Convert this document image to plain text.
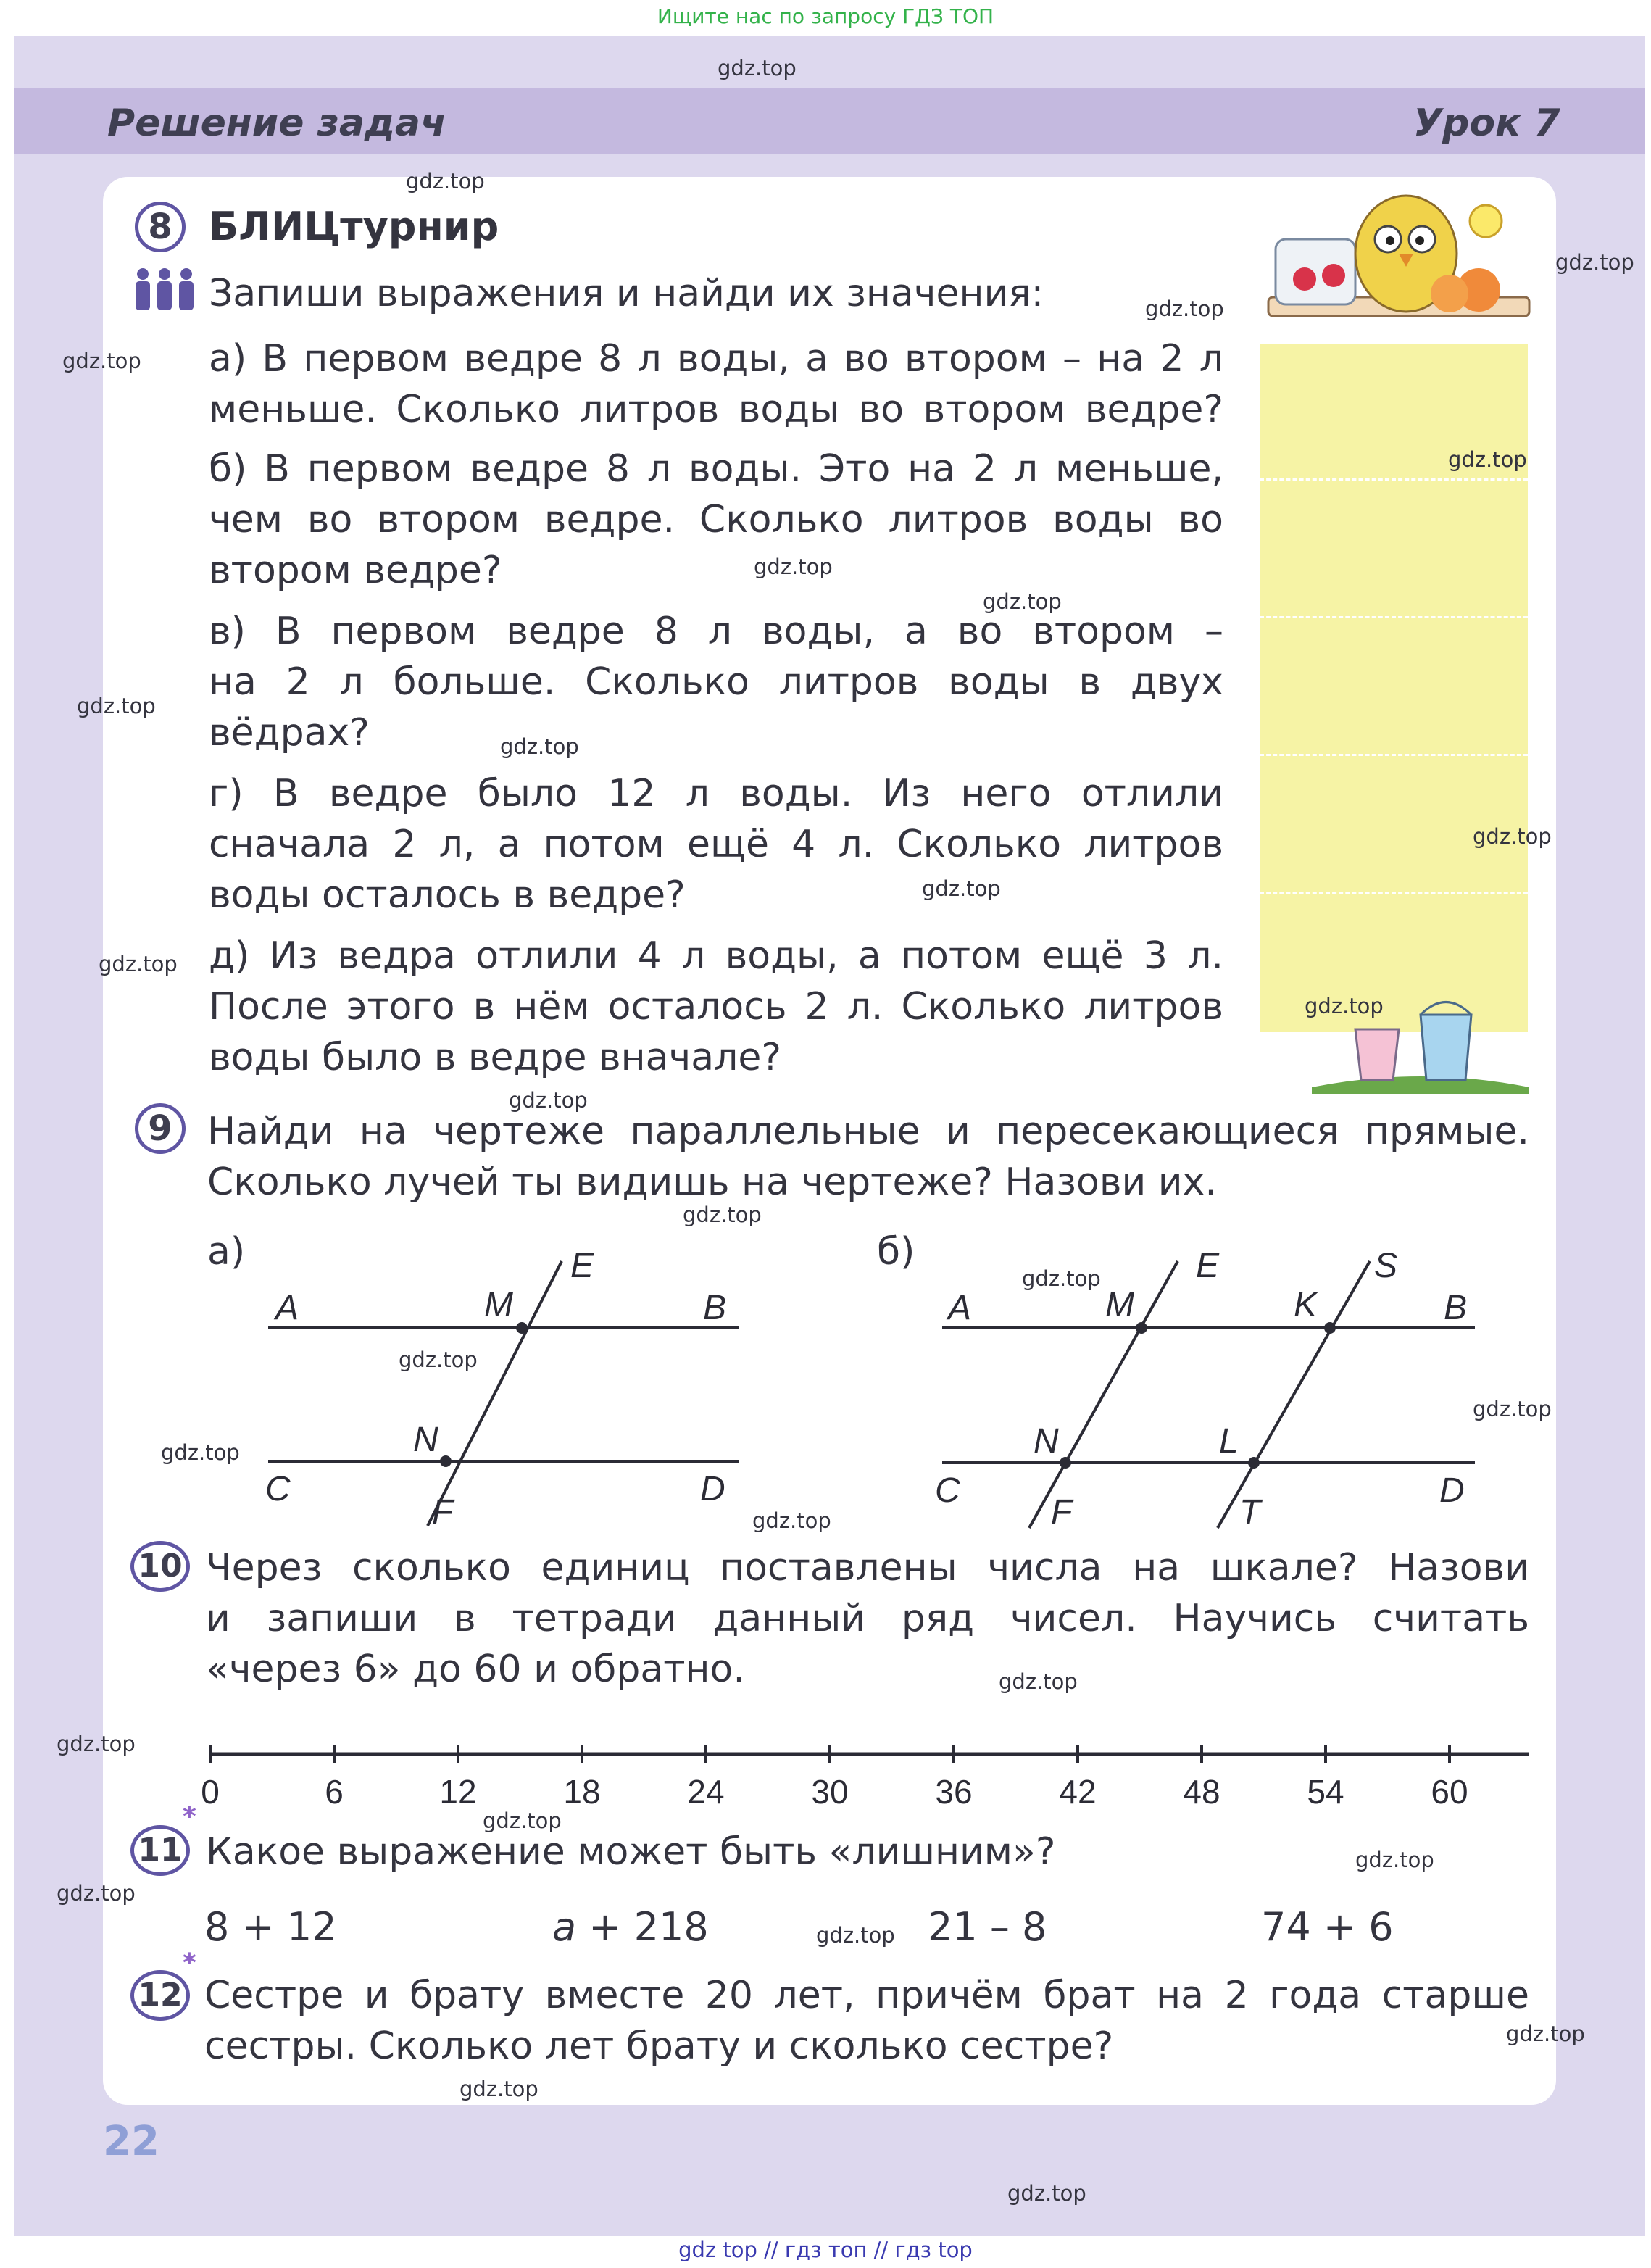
Ищите нас по запросу ГДЗ ТОП
Решение задач	Урок 7
8 БЛИЦтурнир
Запиши выражения и найди их значения:
а) В первом ведре 8 л воды, а во втором – на 2 л
меньше. Сколько литров воды во втором ведре?
б) В первом ведре 8 л воды. Это на 2 л меньше,
чем во втором ведре. Сколько литров воды во
втором ведре?
в) В первом ведре 8 л воды, а во втором –
на 2 л больше. Сколько литров воды в двух
вёдрах?
г) В ведре было 12 л воды. Из него отлили
сначала 2 л, а потом ещё 4 л. Сколько литров
воды осталось в ведре?
д) Из ведра отлили 4 л воды, а потом ещё 3 л.
После этого в нём осталось 2 л. Сколько литров
воды было в ведре вначале?
9 Найди на чертеже параллельные и пересекающиеся прямые.
Сколько лучей ты видишь на чертеже? Назови их.
а)
A	B
C	D
M
N
E
F
б)
A	B
C	D
M	K
N	L
E	S
F	T
10 Через сколько единиц поставлены числа на шкале? Назови
и запиши в тетради данный ряд чисел. Научись считать
«через 6» до 60 и обратно.
0	6	12	18	24	30	36	42	48	54	60
*
11 Какое выражение может быть «лишним»?
8 + 12	a + 218	21 – 8	74 + 6
*
12 Сестре и брату вместе 20 лет, причём брат на 2 года старше
сестры. Сколько лет брату и сколько сестре?
22
gdz.top
gdz.top
gdz.top
gdz.top
gdz.top
gdz.top
gdz.top
gdz.top
gdz.top
gdz.top
gdz.top
gdz.top
gdz.top
gdz.top
gdz.top
gdz.top
gdz.top
gdz.top
gdz.top
gdz.top
gdz.top
gdz.top
gdz.top
gdz.top
gdz.top
gdz.top
gdz.top
gdz.top
gdz.top
gdz.top
gdz top // гдз топ // гдз top
